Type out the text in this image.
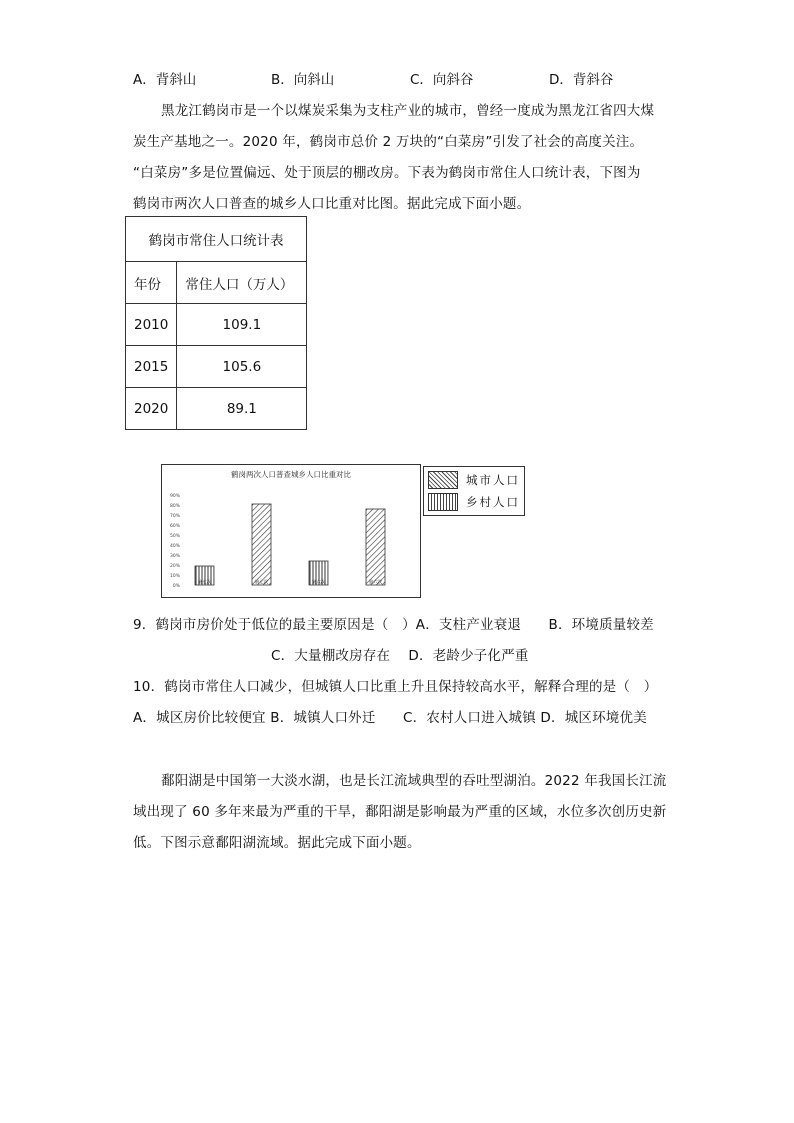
A．背斜山	B．向斜山	C．向斜谷	D．背斜谷
黑龙江鹤岗市是一个以煤炭采集为支柱产业的城市，曾经一度成为黑龙江省四大煤
炭生产基地之一。2020 年，鹤岗市总价 2 万块的“白菜房”引发了社会的高度关注。
“白菜房”多是位置偏远、处于顶层的棚改房。下表为鹤岗市常住人口统计表，下图为
鹤岗市两次人口普查的城乡人口比重对比图。据此完成下面小题。
鹤岗市常住人口统计表	
年份	常住人口（万人）
2010	109.1
2015	105.6
2020	89.1
鹤岗两次人口普查城乡人口比重对比
0%
10%
20%
30%
40%
50%
60%
70%
80%
90%
第七次	第七次	第六次	第六次
城市人口
乡村人口
9．鹤岗市房价处于低位的最主要原因是（　）A．支柱产业衰退　　B．环境质量较差
C．大量棚改房存在　 D．老龄少子化严重
10．鹤岗市常住人口减少，但城镇人口比重上升且保持较高水平，解释合理的是（　）
A．城区房价比较便宜 B．城镇人口外迁　　C．农村人口进入城镇 D．城区环境优美
鄱阳湖是中国第一大淡水湖，也是长江流域典型的吞吐型湖泊。2022 年我国长江流
域出现了 60 多年来最为严重的干旱，鄱阳湖是影响最为严重的区域，水位多次创历史新
低。下图示意鄱阳湖流域。据此完成下面小题。
